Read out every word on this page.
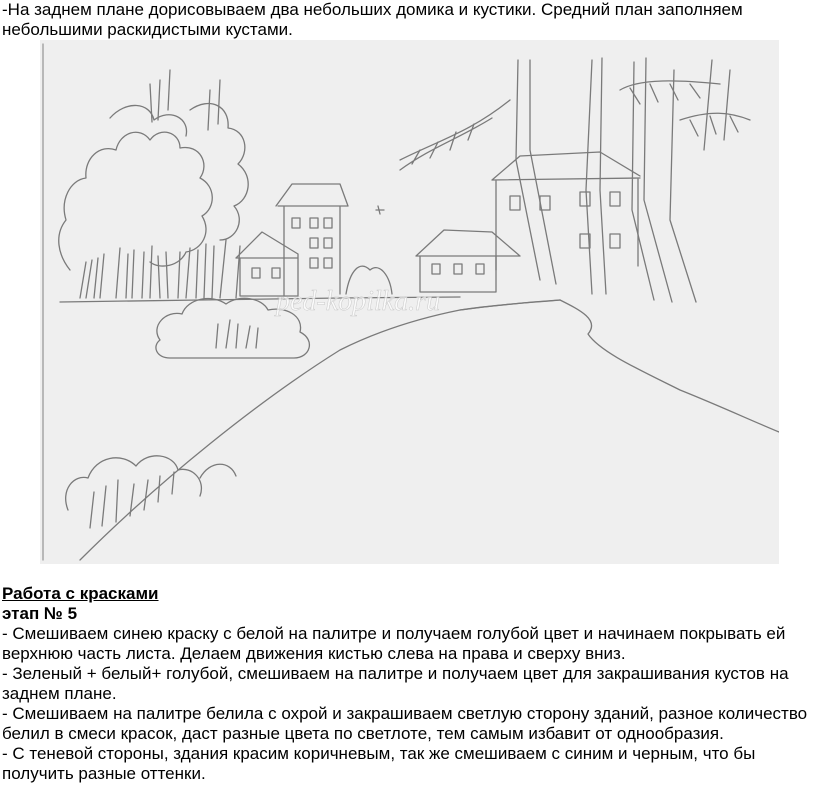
-На заднем плане дорисовываем два небольших домика и кустики. Средний план заполняем небольшими раскидистыми кустами.

ped-kopilka.ru

Работа с красками

этап № 5

- Смешиваем синею краску с белой на палитре и получаем голубой цвет и начинаем покрывать ей верхнюю часть листа. Делаем движения кистью слева на права и сверху вниз.

- Зеленый + белый+ голубой, смешиваем на палитре и получаем цвет для закрашивания кустов на заднем плане.

- Смешиваем на палитре белила с охрой и закрашиваем светлую сторону зданий, разное количество белил в смеси красок, даст разные цвета по светлоте, тем самым избавит от однообразия.

- С теневой стороны, здания красим коричневым, так же смешиваем с синим и черным, что бы получить разные оттенки.
